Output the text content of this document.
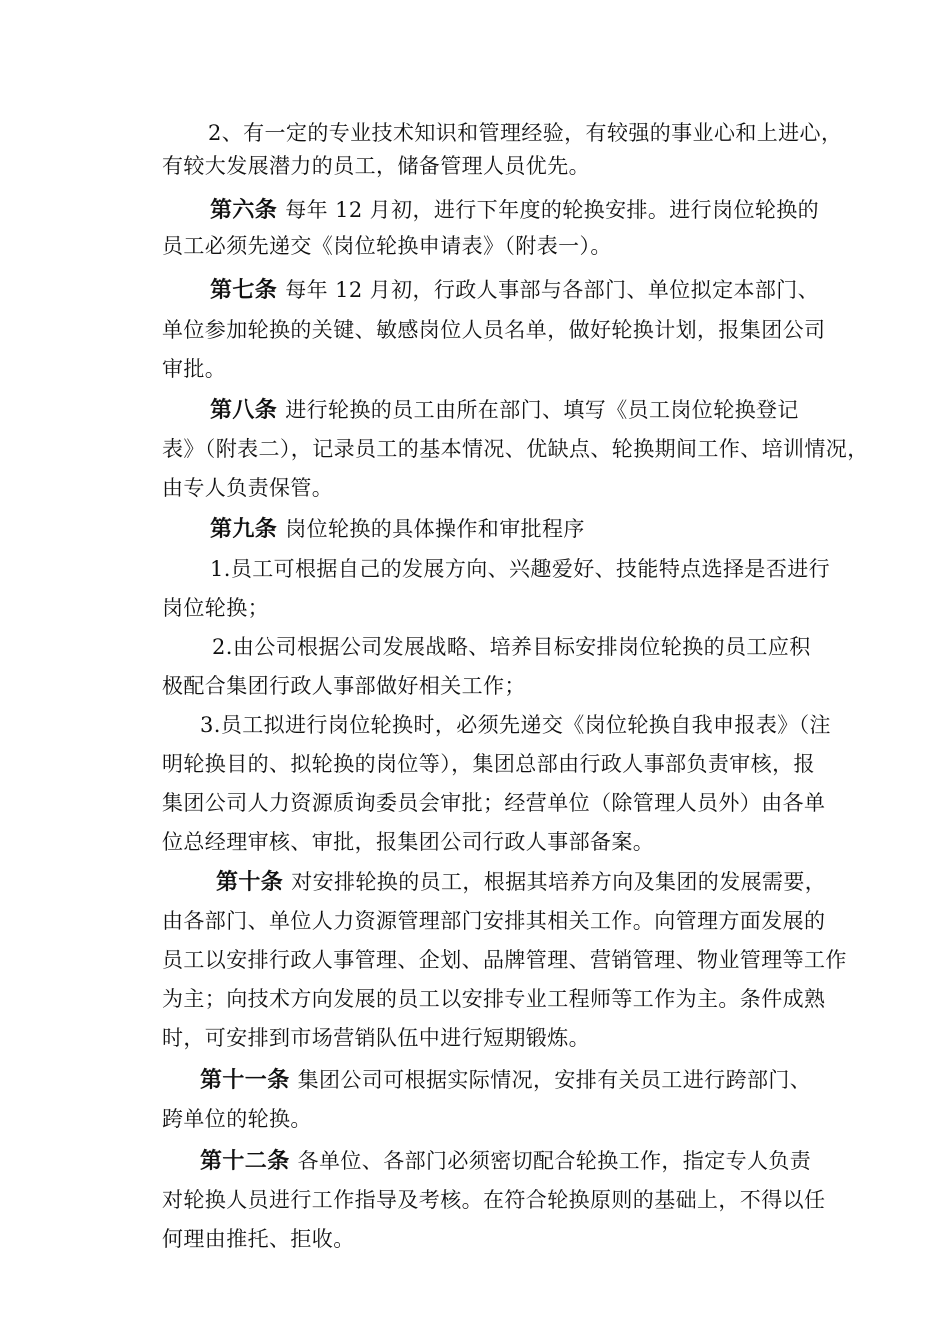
2、有一定的专业技术知识和管理经验，有较强的事业心和上进心，
有较大发展潜力的员工，储备管理人员优先。
第六条 每年 12 月初，进行下年度的轮换安排。进行岗位轮换的
员工必须先递交《岗位轮换申请表》（附表一）。
第七条 每年 12 月初，行政人事部与各部门、单位拟定本部门、
单位参加轮换的关键、敏感岗位人员名单，做好轮换计划，报集团公司
审批。
第八条 进行轮换的员工由所在部门、填写《员工岗位轮换登记
表》（附表二），记录员工的基本情况、优缺点、轮换期间工作、培训情况，
由专人负责保管。
第九条 岗位轮换的具体操作和审批程序
1.员工可根据自己的发展方向、兴趣爱好、技能特点选择是否进行
岗位轮换；
2.由公司根据公司发展战略、培养目标安排岗位轮换的员工应积
极配合集团行政人事部做好相关工作；
3.员工拟进行岗位轮换时，必须先递交《岗位轮换自我申报表》（注
明轮换目的、拟轮换的岗位等），集团总部由行政人事部负责审核，报
集团公司人力资源质询委员会审批；经营单位（除管理人员外）由各单
位总经理审核、审批，报集团公司行政人事部备案。
第十条 对安排轮换的员工，根据其培养方向及集团的发展需要，
由各部门、单位人力资源管理部门安排其相关工作。向管理方面发展的
员工以安排行政人事管理、企划、品牌管理、营销管理、物业管理等工作
为主；向技术方向发展的员工以安排专业工程师等工作为主。条件成熟
时，可安排到市场营销队伍中进行短期锻炼。
第十一条 集团公司可根据实际情况，安排有关员工进行跨部门、
跨单位的轮换。
第十二条 各单位、各部门必须密切配合轮换工作，指定专人负责
对轮换人员进行工作指导及考核。在符合轮换原则的基础上，不得以任
何理由推托、拒收。
